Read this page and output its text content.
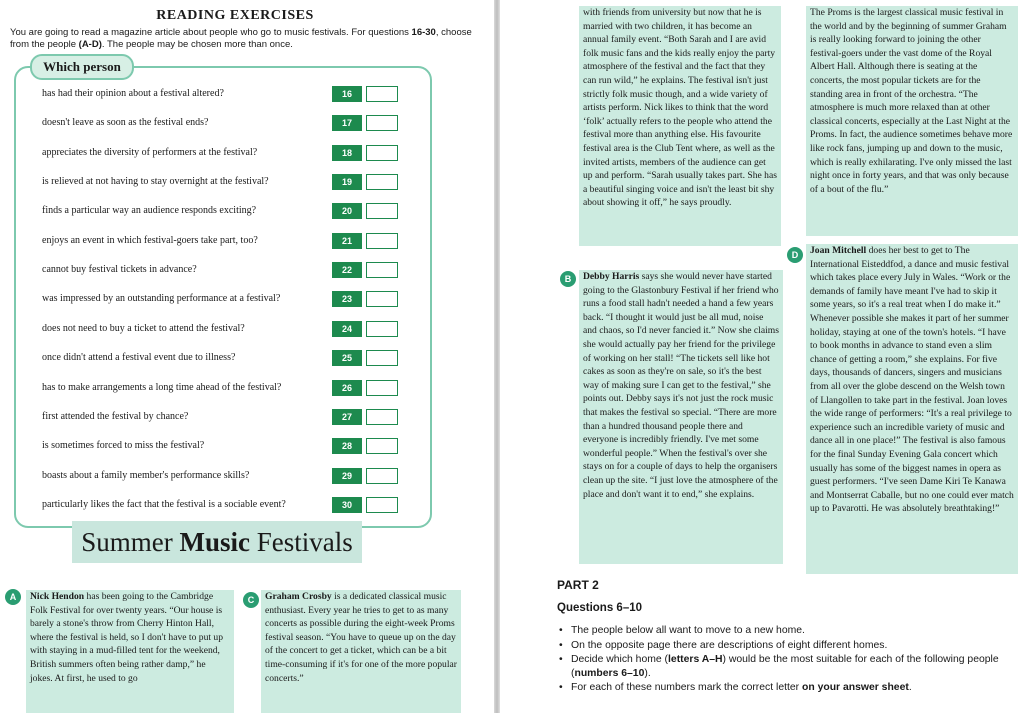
READING EXERCISES
You are going to read a magazine article about people who go to music festivals. For questions 16-30, choose from the people (A-D). The people may be chosen more than once.
Which person
has had their opinion about a festival altered?	16
doesn't leave as soon as the festival ends?	17
appreciates the diversity of performers at the festival?	18
is relieved at not having to stay overnight at the festival?	19
finds a particular way an audience responds exciting?	20
enjoys an event in which festival-goers take part, too?	21
cannot buy festival tickets in advance?	22
was impressed by an outstanding performance at a festival?	23
does not need to buy a ticket to attend the festival?	24
once didn't attend a festival event due to illness?	25
has to make arrangements a long time ahead of the festival?	26
first attended the festival by chance?	27
is sometimes forced to miss the festival?	28
boasts about a family member's performance skills?	29
particularly likes the fact that the festival is a sociable event?	30
Summer Music Festivals
A	Nick Hendon has been going to the Cambridge Folk Festival for over twenty years. “Our house is barely a stone's throw from Cherry Hinton Hall, where the festival is held, so I don't have to put up with staying in a mud-filled tent for the weekend, British summers often being rather damp,” he jokes. At first, he used to go
C	Graham Crosby is a dedicated classical music enthusiast. Every year he tries to get to as many concerts as possible during the eight-week Proms festival season. “You have to queue up on the day of the concert to get a ticket, which can be a bit time-consuming if it's for one of the more popular concerts.”
with friends from university but now that he is married with two children, it has become an annual family event. “Both Sarah and I are avid folk music fans and the kids really enjoy the party atmosphere of the festival and the fact that they can run wild,” he explains. The festival isn't just strictly folk music though, and a wide variety of artists perform. Nick likes to think that the word ‘folk’ actually refers to the people who attend the festival more than anything else. His favourite festival area is the Club Tent where, as well as the invited artists, members of the audience can get up and perform. “Sarah usually takes part. She has a beautiful singing voice and isn't the least bit shy about showing it off,” he says proudly.
The Proms is the largest classical music festival in the world and by the beginning of summer Graham is really looking forward to joining the other festival-goers under the vast dome of the Royal Albert Hall. Although there is seating at the concerts, the most popular tickets are for the standing area in front of the orchestra. “The atmosphere is much more relaxed than at other classical concerts, especially at the Last Night at the Proms. In fact, the audience sometimes behave more like rock fans, jumping up and down to the music, which is really exhilarating. I've only missed the last night once in forty years, and that was only because of a bout of the flu.”
B	Debby Harris says she would never have started going to the Glastonbury Festival if her friend who runs a food stall hadn't needed a hand a few years back. “I thought it would just be all mud, noise and chaos, so I'd never fancied it.” Now she claims she would actually pay her friend for the privilege of working on her stall! “The tickets sell like hot cakes as soon as they're on sale, so it's the best way of making sure I can get to the festival,” she points out. Debby says it's not just the rock music that makes the festival so special. “There are more than a hundred thousand people there and everyone is incredibly friendly. I've met some wonderful people.” When the festival's over she stays on for a couple of days to help the organisers clean up the site. “I just love the atmosphere of the place and don't want it to end,” she explains.
D	Joan Mitchell does her best to get to The International Eisteddfod, a dance and music festival which takes place every July in Wales. “Work or the demands of family have meant I've had to skip it some years, so it's a real treat when I do make it.” Whenever possible she makes it part of her summer holiday, staying at one of the town's hotels. “I have to book months in advance to stand even a slim chance of getting a room,” she explains. For five days, thousands of dancers, singers and musicians from all over the globe descend on the Welsh town of Llangollen to take part in the festival. Joan loves the wide range of performers: “It's a real privilege to experience such an incredible variety of music and dance all in one place!” The festival is also famous for the final Sunday Evening Gala concert which usually has some of the biggest names in opera as guest performers. “I've seen Dame Kiri Te Kanawa and Montserrat Caballe, but no one could ever match up to Pavarotti. He was absolutely breathtaking!”
PART 2
Questions 6–10
• The people below all want to move to a new home.
• On the opposite page there are descriptions of eight different homes.
• Decide which home (letters A–H) would be the most suitable for each of the following people (numbers 6–10).
• For each of these numbers mark the correct letter on your answer sheet.
